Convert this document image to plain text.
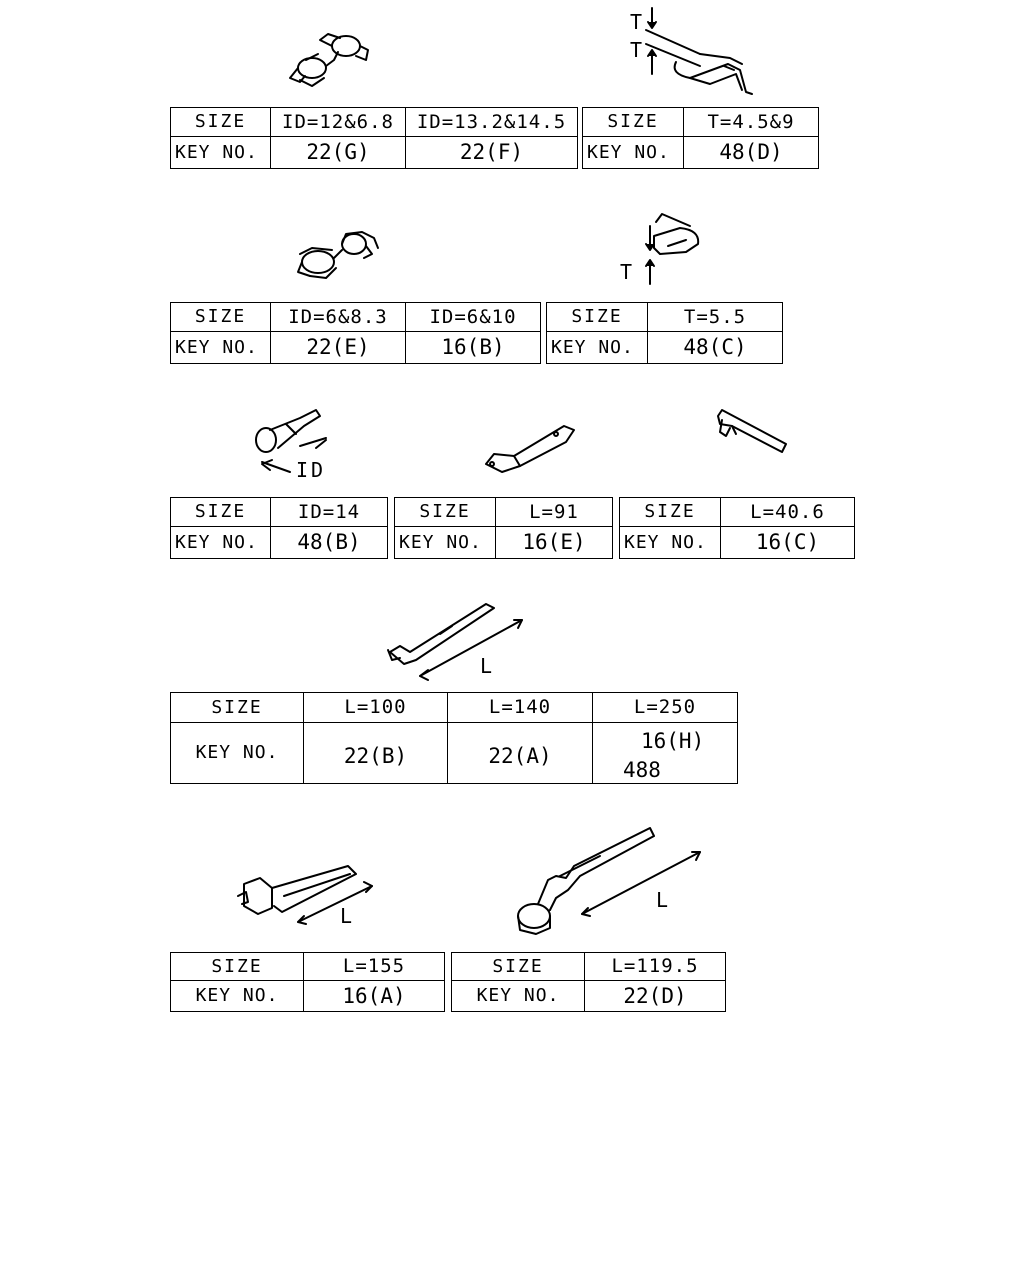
T
T
T
ID
L
L
L
SIZE	ID=12&6.8	ID=13.2&14.5
KEY NO.	22(G)	22(F)
SIZE	T=4.5&9
KEY NO.	48(D)
SIZE	ID=6&8.3	ID=6&10
KEY NO.	22(E)	16(B)
SIZE	T=5.5
KEY NO.	48(C)
SIZE	ID=14
KEY NO.	48(B)
SIZE	L=91
KEY NO.	16(E)
SIZE	L=40.6
KEY NO.	16(C)
SIZE	L=100	L=140	L=250
KEY NO.	22(B)	22(A)	16(H)
488
SIZE	L=155
KEY NO.	16(A)
SIZE	L=119.5
KEY NO.	22(D)
